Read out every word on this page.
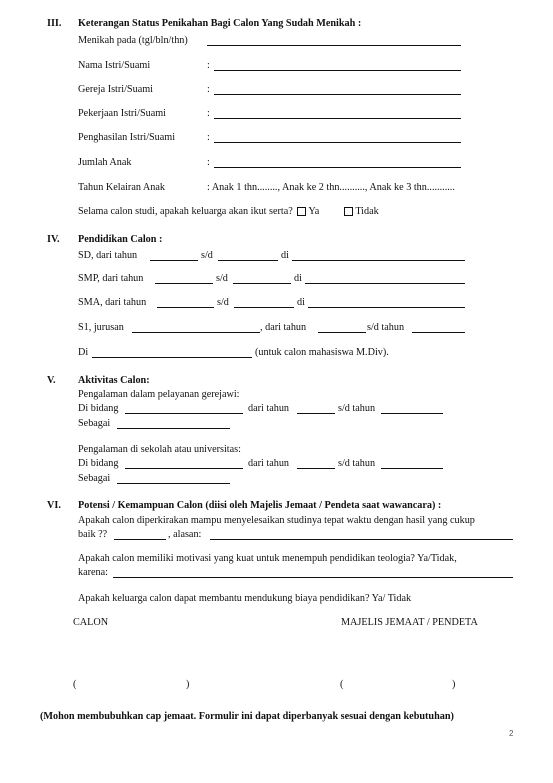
III. Keterangan Status Penikahan Bagi Calon Yang Sudah Menikah :
Menikah pada (tgl/bln/thn)
Nama Istri/Suami	:
Gereja Istri/Suami	:
Pekerjaan Istri/Suami	:
Penghasilan Istri/Suami	:
Jumlah Anak	:
Tahun Kelairan Anak	: Anak 1 thn........, Anak ke 2 thn.........., Anak ke 3 thn...........
Selama calon studi, apakah keluarga akan ikut serta? Ya	Tidak
IV. Pendidikan Calon :
SD, dari tahun	s/d	di
SMP, dari tahun	s/d	di
SMA, dari tahun	s/d	di
S1, jurusan	, dari tahun	s/d tahun
Di	(untuk calon mahasiswa M.Div).
V. Aktivitas Calon:
Pengalaman dalam pelayanan gerejawi:
Di bidang	dari tahun	s/d tahun
Sebagai
Pengalaman di sekolah atau universitas:
Di bidang	dari tahun	s/d tahun
Sebagai
VI. Potensi / Kemampuan Calon (diisi oleh Majelis Jemaat / Pendeta saat wawancara) :
Apakah calon diperkirakan mampu menyelesaikan studinya tepat waktu dengan hasil yang cukup
baik ??	, alasan:
Apakah calon memiliki motivasi yang kuat untuk menempuh pendidikan teologia? Ya/Tidak,
karena:
Apakah keluarga calon dapat membantu mendukung biaya pendidikan? Ya/ Tidak
CALON	MAJELIS JEMAAT / PENDETA
(	)	(	)
(Mohon membubuhkan cap jemaat. Formulir ini dapat diperbanyak sesuai dengan kebutuhan)
2
